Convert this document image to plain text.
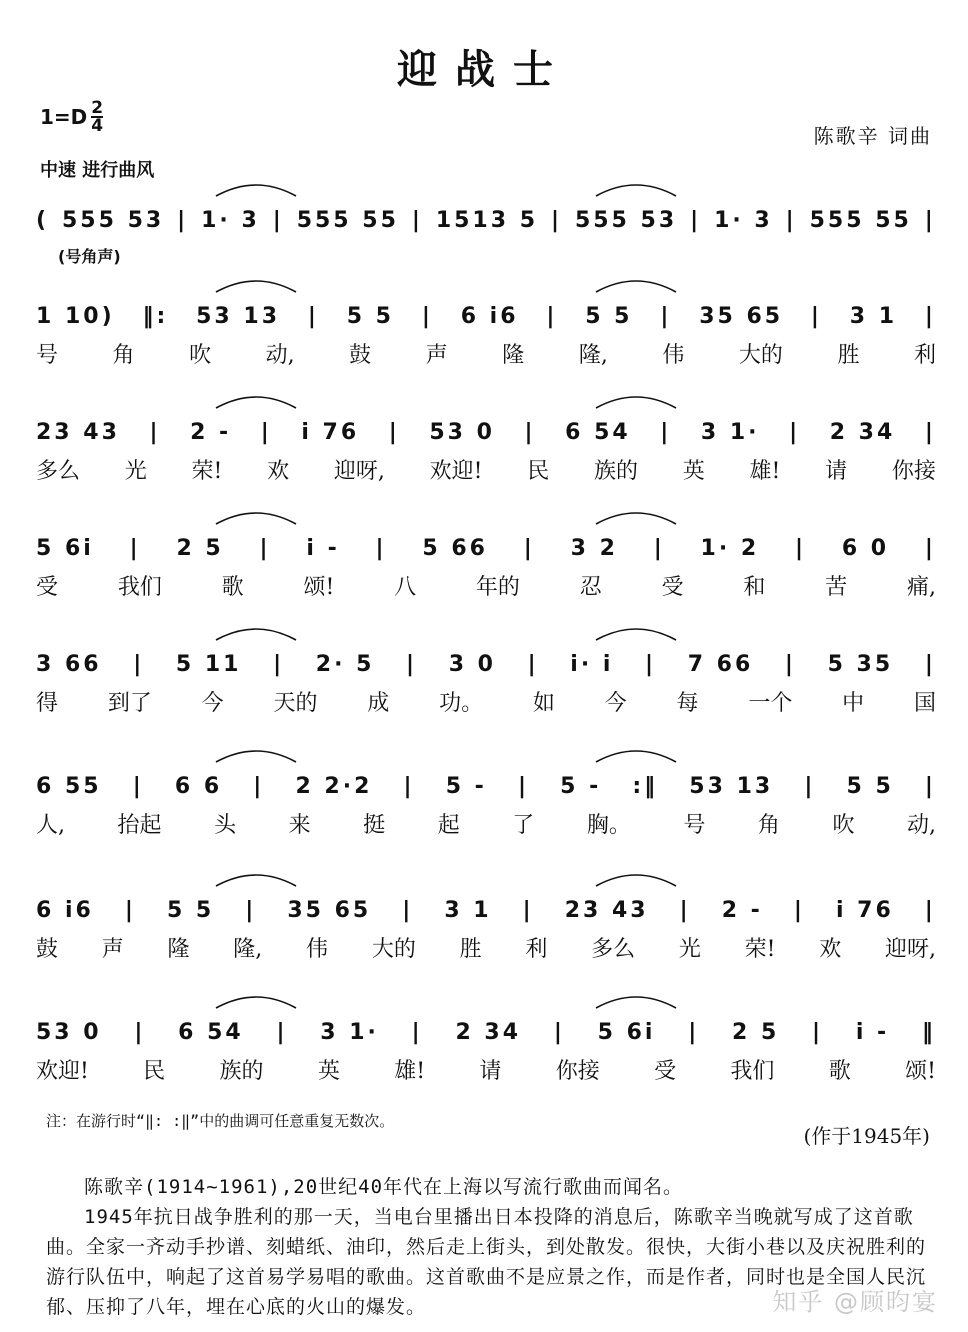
迎战士
$1=D \frac{2}{4}$
陈歌辛 词曲
中速 进行曲风
(号角声)
( 555 53 | 1· 3 | 555 55 | 1513 5 | 555 53 | 1· 3 | 555 55 |
1 10) ‖: 53 13 | 5 5 | 6 i6 | 5 5 | 35 65 | 3 1 |
号 角 吹 动, 鼓 声 隆 隆, 伟 大的 胜 利
23 43 | 2 - | i 76 | 53 0 | 6 54 | 3 1· | 2 34 |
多么 光 荣! 欢 迎呀, 欢迎! 民 族的 英 雄! 请 你接
5 6i | 2 5 | i - | 5 66 | 3 2 | 1· 2 | 6 0 |
受	我们	歌	颂!	八	年的	忍	受	和	苦	痛,
3 66 | 5 11 | 2· 5 | 3 0 | i· i | 7 66 | 5 35 |
得 到了 今 天的 成 功。 如 今 每 一个 中 国
6 55 | 6 6 | 2 2·2 | 5 - | 5 - :‖ 53 13 | 5 5 |
人, 抬起 头 来 挺 起 了 胸。 号 角 吹 动,
6 i6 | 5 5 | 35 65 | 3 1 | 23 43 | 2 - | i 76 |
鼓 声 隆 隆, 伟 大的 胜 利 多么 光 荣! 欢 迎呀,
53 0 | 6 54 | 3 1· | 2 34 | 5 6i | 2 5 | i - ‖
欢迎! 民 族的 英 雄! 请 你接 受 我们 歌 颂!
注：在游行时“‖: :‖”中的曲调可任意重复无数次。
(作于1945年)
陈歌辛(1914~1961),20世纪40年代在上海以写流行歌曲而闻名。
1945年抗日战争胜利的那一天，当电台里播出日本投降的消息后，陈歌辛当晚就写成了这首歌曲。全家一齐动手抄谱、刻蜡纸、油印，然后走上街头，到处散发。很快，大街小巷以及庆祝胜利的游行队伍中，响起了这首易学易唱的歌曲。这首歌曲不是应景之作，而是作者，同时也是全国人民沉郁、压抑了八年，埋在心底的火山的爆发。	知乎 @顾昀宴
